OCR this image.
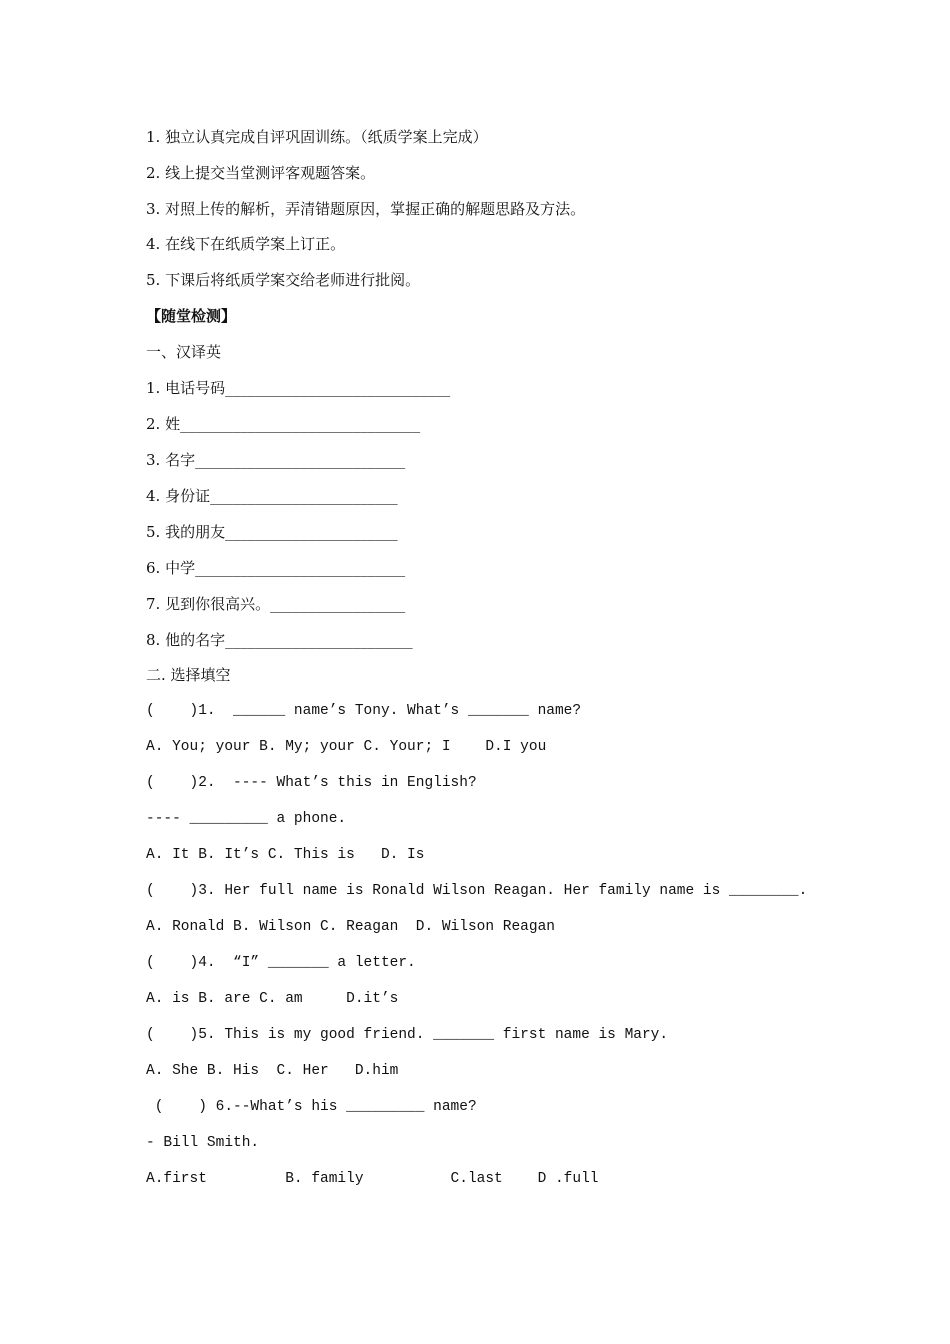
1. 独立认真完成自评巩固训练。（纸质学案上完成）
2. 线上提交当堂测评客观题答案。
3. 对照上传的解析，弄清错题原因，掌握正确的解题思路及方法。
4. 在线下在纸质学案上订正。
5. 下课后将纸质学案交给老师进行批阅。
【随堂检测】
一、汉译英
1. 电话号码______________________________
2. 姓________________________________
3. 名字____________________________
4. 身份证_________________________
5. 我的朋友_______________________
6. 中学____________________________
7. 见到你很高兴。__________________
8. 他的名字_________________________
二. 选择填空
(    )1.  ______ name’s Tony. What’s _______ name?
A. You; your B. My; your C. Your; I    D.I you
(    )2.  ---- What’s this in English?
---- _________ a phone.
A. It B. It’s C. This is   D. Is
(    )3. Her full name is Ronald Wilson Reagan. Her family name is ________.
A. Ronald B. Wilson C. Reagan  D. Wilson Reagan
(    )4.  “I” _______ a letter.
A. is B. are C. am     D.it’s
(    )5. This is my good friend. _______ first name is Mary.
A. She B. His  C. Her   D.him
(    ) 6.--What’s his _________ name?
- Bill Smith.
A.first         B. family          C.last    D .full
